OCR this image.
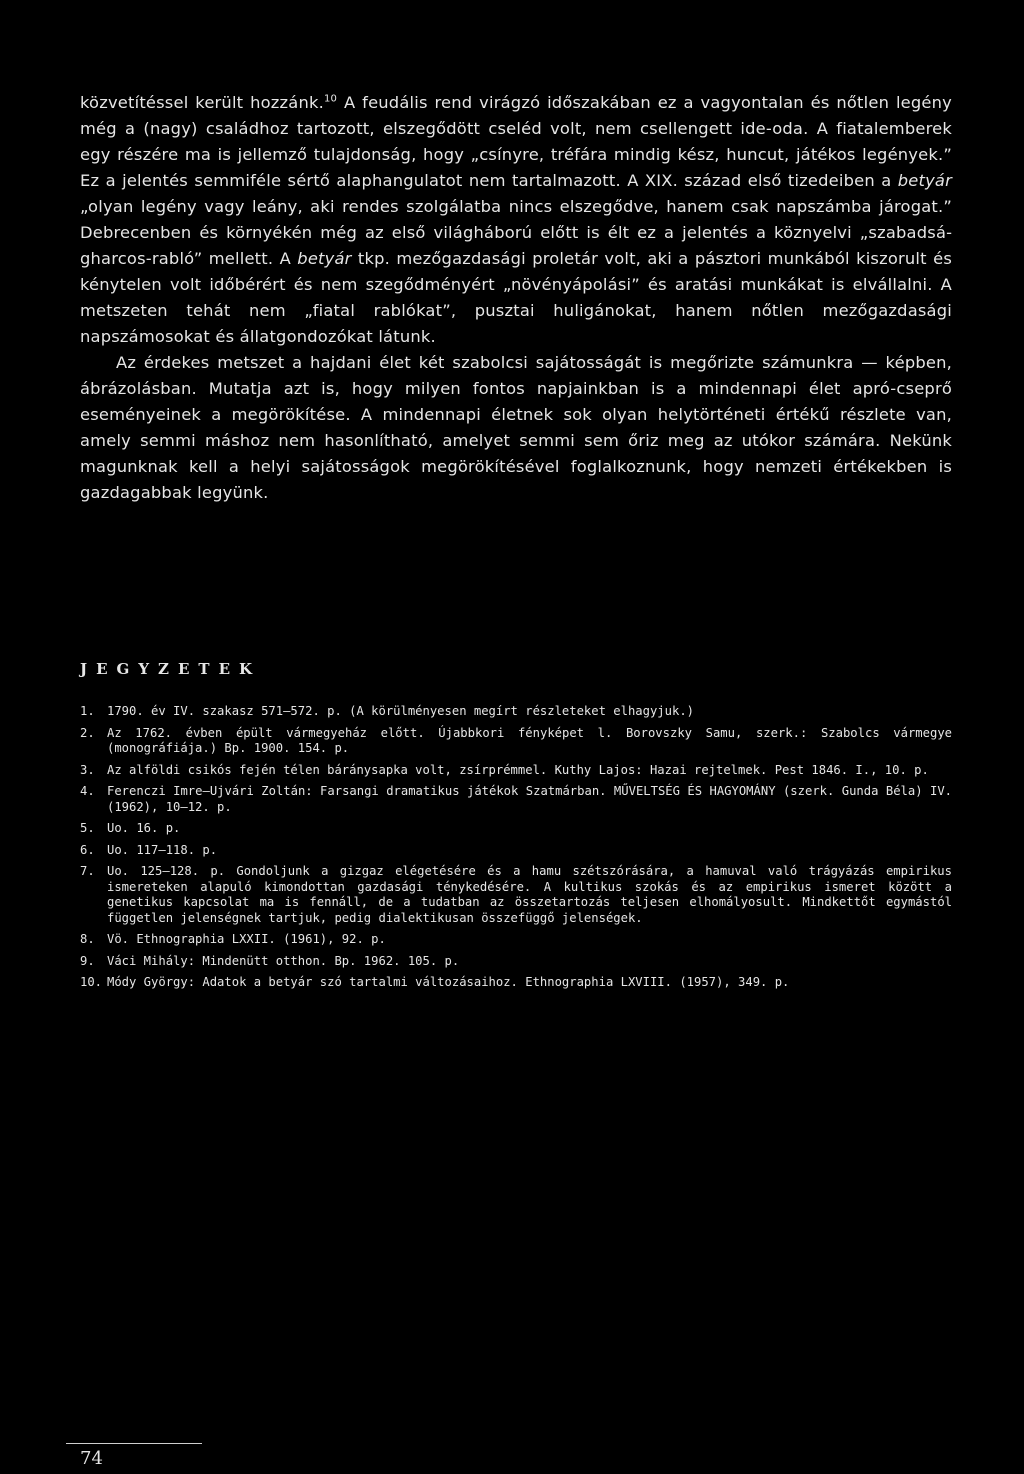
közvetítéssel került hozzánk.$^{10}$ A feudális rend virágzó időszakában ez a vagyontalan és nőtlen legény még a (nagy) családhoz tartozott, elszegődött cseléd volt, nem csellengett ide-oda. A fiatalemberek egy részére ma is jellemző tulajdonság, hogy „csínyre, tréfára mindig kész, huncut, játékos legények.” Ez a jelentés semmiféle sértő alaphangulatot nem tartalmazott. A XIX. század első tizedeiben a betyár „olyan legény vagy leány, aki rendes szolgálatba nincs elszegődve, hanem csak napszámba járogat.” Debrecenben és környékén még az első világháború előtt is élt ez a jelentés a köznyelvi „szabadságharcos-rabló” mellett. A betyár tkp. mezőgazdasági proletár volt, aki a pásztori munkából kiszorult és kénytelen volt időbérért és nem szegődményért „növényápolási” és aratási munkákat is elvállalni. A metszeten tehát nem „fiatal rablókat”, pusztai huligánokat, hanem nőtlen mezőgazdasági napszámosokat és állatgondozókat látunk.

Az érdekes metszet a hajdani élet két szabolcsi sajátosságát is megőrizte számunkra — képben, ábrázolásban. Mutatja azt is, hogy milyen fontos napjainkban is a mindennapi élet apró-cseprő eseményeinek a megörökítése. A mindennapi életnek sok olyan helytörténeti értékű részlete van, amely semmi máshoz nem hasonlítható, amelyet semmi sem őriz meg az utókor számára. Nekünk magunknak kell a helyi sajátosságok megörökítésével foglalkoznunk, hogy nemzeti értékekben is gazdagabbak legyünk.

JEGYZETEK
1.	1790. év IV. szakasz 571—572. p. (A körülményesen megírt részleteket elhagyjuk.)
2.	Az 1762. évben épült vármegyeház előtt. Újabbkori fényképet l. Borovszky Samu, szerk.: Szabolcs vármegye (monográfiája.) Bp. 1900. 154. p.
3.	Az alföldi csikós fején télen báránysapka volt, zsírprémmel. Kuthy Lajos: Hazai rejtelmek. Pest 1846. I., 10. p.
4.	Ferenczi Imre—Ujvári Zoltán: Farsangi dramatikus játékok Szatmárban. MŰVELTSÉG ÉS HAGYOMÁNY (szerk. Gunda Béla) IV. (1962), 10—12. p.
5.	Uo. 16. p.
6.	Uo. 117—118. p.
7.	Uo. 125—128. p. Gondoljunk a gizgaz elégetésére és a hamu szétszórására, a hamuval való trágyázás empirikus ismereteken alapuló kimondottan gazdasági ténykedésére. A kultikus szokás és az empirikus ismeret között a genetikus kapcsolat ma is fennáll, de a tudatban az összetartozás teljesen elhomályosult. Mindkettőt egymástól független jelenségnek tartjuk, pedig dialektikusan összefüggő jelenségek.
8.	Vö. Ethnographia LXXII. (1961), 92. p.
9.	Váci Mihály: Mindenütt otthon. Bp. 1962. 105. p.
10. Módy György: Adatok a betyár szó tartalmi változásaihoz. Ethnographia LXVIII. (1957), 349. p.
74
